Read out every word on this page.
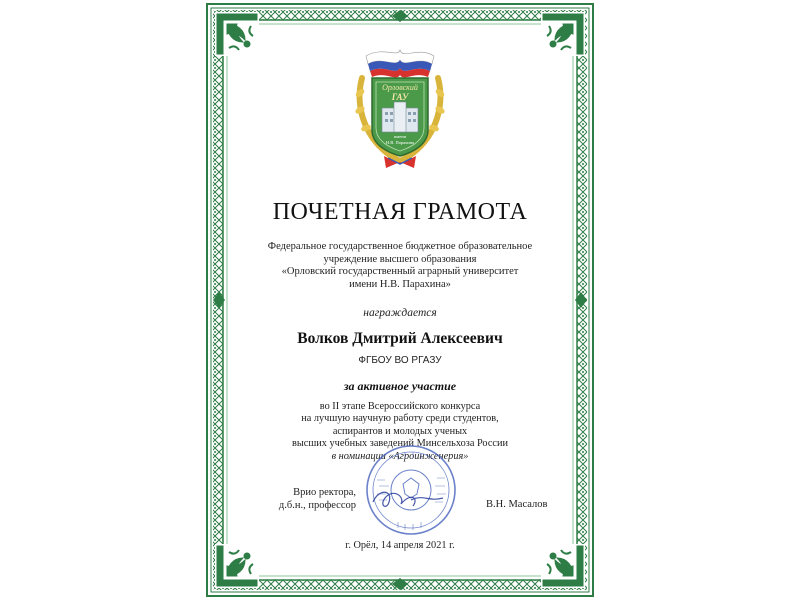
Орловский
ГАУ
имени
Н.В. Парахина
ПОЧЕТНАЯ ГРАМОТА
Федеральное государственное бюджетное образовательное
учреждение высшего образования
«Орловский государственный аграрный университет
имени Н.В. Парахина»
награждается
Волков Дмитрий Алексеевич
ФГБОУ ВО РГАЗУ
за активное участие
во II этапе Всероссийского конкурса
на лучшую научную работу среди студентов,
аспирантов и молодых ученых
высших учебных заведений Минсельхоза России
в номинации «Агроинженерия»
Врио ректора,
д.б.н., профессор	В.Н. Масалов
г. Орёл, 14 апреля 2021 г.
